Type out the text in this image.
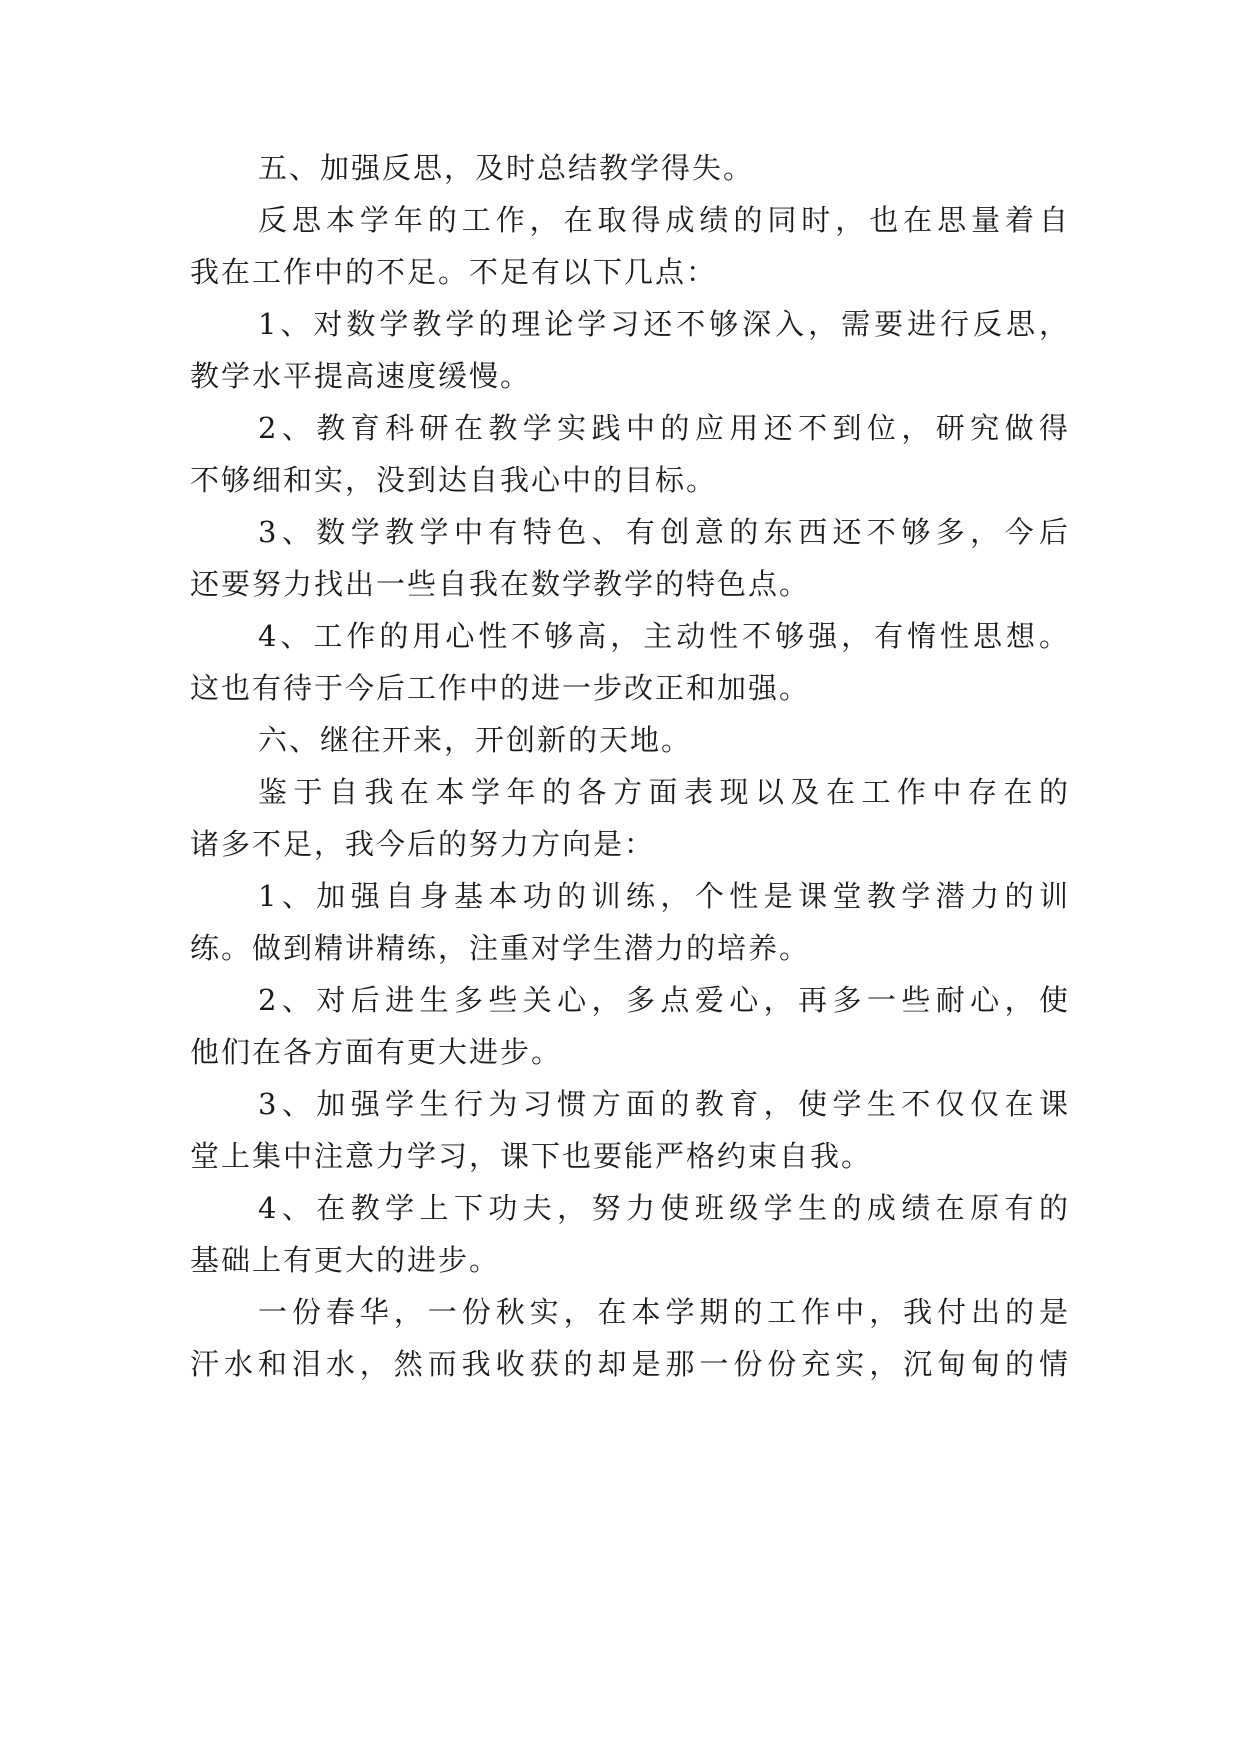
五、加强反思，及时总结教学得失。
反思本学年的工作，在取得成绩的同时，也在思量着自
我在工作中的不足。不足有以下几点：
1、对数学教学的理论学习还不够深入，需要进行反思，
教学水平提高速度缓慢。
2、教育科研在教学实践中的应用还不到位，研究做得
不够细和实，没到达自我心中的目标。
3、数学教学中有特色、有创意的东西还不够多，今后
还要努力找出一些自我在数学教学的特色点。
4、工作的用心性不够高，主动性不够强，有惰性思想。
这也有待于今后工作中的进一步改正和加强。
六、继往开来，开创新的天地。
鉴于自我在本学年的各方面表现以及在工作中存在的
诸多不足，我今后的努力方向是：
1、加强自身基本功的训练，个性是课堂教学潜力的训
练。做到精讲精练，注重对学生潜力的培养。
2、对后进生多些关心，多点爱心，再多一些耐心，使
他们在各方面有更大进步。
3、加强学生行为习惯方面的教育，使学生不仅仅在课
堂上集中注意力学习，课下也要能严格约束自我。
4、在教学上下功夫，努力使班级学生的成绩在原有的
基础上有更大的进步。
一份春华，一份秋实，在本学期的工作中，我付出的是
汗水和泪水，然而我收获的却是那一份份充实，沉甸甸的情
